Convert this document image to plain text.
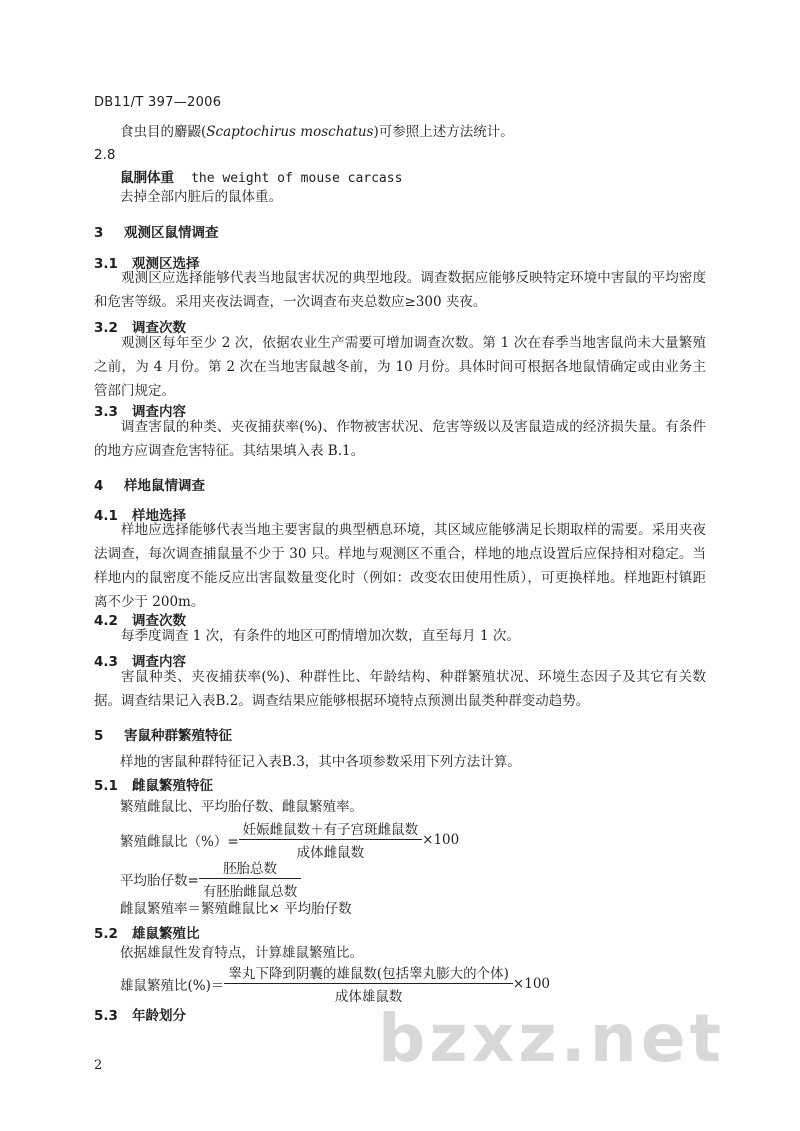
DB11/T 397—2006
食虫目的麝鼹(Scaptochirus moschatus)可参照上述方法统计。
2.8
鼠胴体重 the weight of mouse carcass
去掉全部内脏后的鼠体重。
3 观测区鼠情调查
3.1 观测区选择
观测区应选择能够代表当地鼠害状况的典型地段。调查数据应能够反映特定环境中害鼠的平均密度和危害等级。采用夹夜法调查，一次调查布夹总数应≥300 夹夜。
3.2 调查次数
观测区每年至少 2 次，依据农业生产需要可增加调查次数。第 1 次在春季当地害鼠尚未大量繁殖之前，为 4 月份。第 2 次在当地害鼠越冬前，为 10 月份。具体时间可根据各地鼠情确定或由业务主管部门规定。
3.3 调查内容
调查害鼠的种类、夹夜捕获率(%)、作物被害状况、危害等级以及害鼠造成的经济损失量。有条件的地方应调查危害特征。其结果填入表 B.1。
4 样地鼠情调查
4.1 样地选择
样地应选择能够代表当地主要害鼠的典型栖息环境，其区域应能够满足长期取样的需要。采用夹夜法调查，每次调查捕鼠量不少于 30 只。样地与观测区不重合，样地的地点设置后应保持相对稳定。当样地内的鼠密度不能反应出害鼠数量变化时（例如：改变农田使用性质），可更换样地。样地距村镇距离不少于 200m。
4.2 调查次数
每季度调查 1 次，有条件的地区可酌情增加次数，直至每月 1 次。
4.3 调查内容
害鼠种类、夹夜捕获率(%)、种群性比、年龄结构、种群繁殖状况、环境生态因子及其它有关数据。调查结果记入表B.2。调查结果应能够根据环境特点预测出鼠类种群变动趋势。
5 害鼠种群繁殖特征
样地的害鼠种群特征记入表B.3，其中各项参数采用下列方法计算。
5.1 雌鼠繁殖特征
繁殖雌鼠比、平均胎仔数、雌鼠繁殖率。
繁殖雌鼠比（%）= $\frac{\text{妊娠雌鼠数＋有子宫斑雌鼠数}}{\text{成体雌鼠数}} \times 100$
平均胎仔数= $\frac{\text{胚胎总数}}{\text{有胚胎雌鼠总数}}$
雌鼠繁殖率＝繁殖雌鼠比× 平均胎仔数
5.2 雄鼠繁殖比
依据雄鼠性发育特点，计算雄鼠繁殖比。
雄鼠繁殖比(%)＝ $\frac{\text{睾丸下降到阴囊的雄鼠数(包括睾丸膨大的个体)}}{\text{成体雄鼠数}} \times 100$
5.3 年龄划分	bzxz.net
2
